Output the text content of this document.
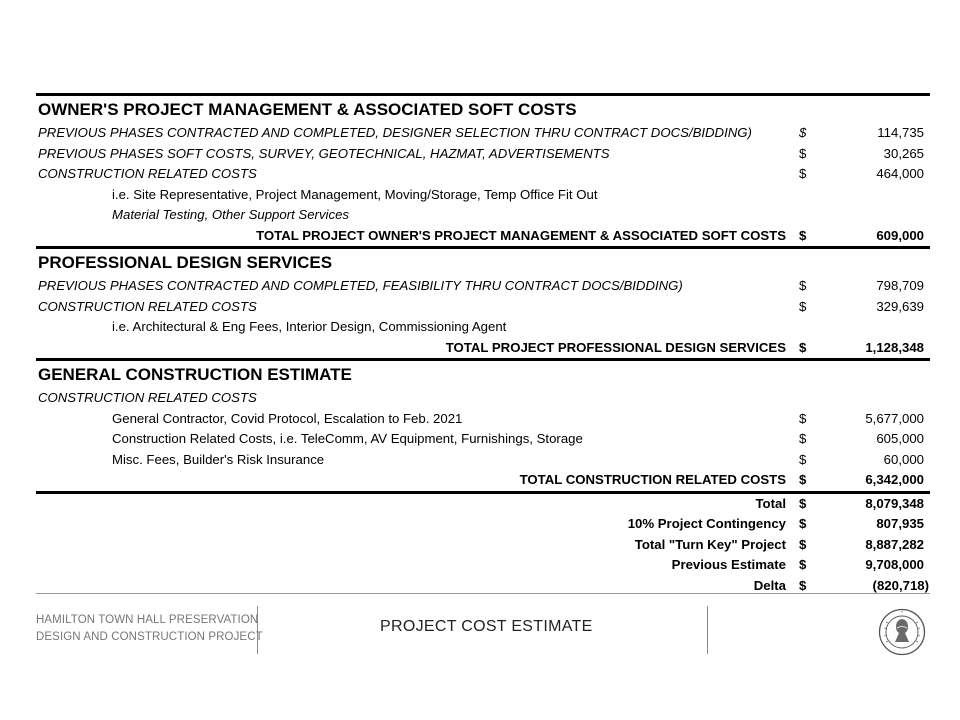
OWNER'S PROJECT MANAGEMENT & ASSOCIATED SOFT COSTS
PREVIOUS PHASES CONTRACTED AND COMPLETED, DESIGNER SELECTION THRU CONTRACT DOCS/BIDDING)	$	114,735
PREVIOUS PHASES SOFT COSTS, SURVEY, GEOTECHNICAL, HAZMAT, ADVERTISEMENTS	$	30,265
CONSTRUCTION RELATED COSTS	$	464,000
i.e. Site Representative, Project Management, Moving/Storage, Temp Office Fit Out
Material Testing, Other Support Services
TOTAL PROJECT OWNER'S PROJECT MANAGEMENT & ASSOCIATED SOFT COSTS $	609,000
PROFESSIONAL DESIGN SERVICES
PREVIOUS PHASES CONTRACTED AND COMPLETED, FEASIBILITY THRU CONTRACT DOCS/BIDDING)	$	798,709
CONSTRUCTION RELATED COSTS	$	329,639
i.e. Architectural & Eng Fees, Interior Design, Commissioning Agent
TOTAL PROJECT PROFESSIONAL DESIGN SERVICES $	1,128,348
GENERAL CONSTRUCTION ESTIMATE
CONSTRUCTION RELATED COSTS
General Contractor, Covid Protocol, Escalation to Feb. 2021	$	5,677,000
Construction Related Costs, i.e. TeleComm, AV Equipment, Furnishings, Storage	$	605,000
Misc. Fees, Builder's Risk Insurance	$	60,000
TOTAL CONSTRUCTION RELATED COSTS $	6,342,000
Total $	8,079,348
10% Project Contingency $	807,935
Total "Turn Key" Project $	8,887,282
Previous Estimate $	9,708,000
Delta $	(820,718)
HAMILTON TOWN HALL PRESERVATION
DESIGN AND CONSTRUCTION PROJECT
PROJECT COST ESTIMATE
